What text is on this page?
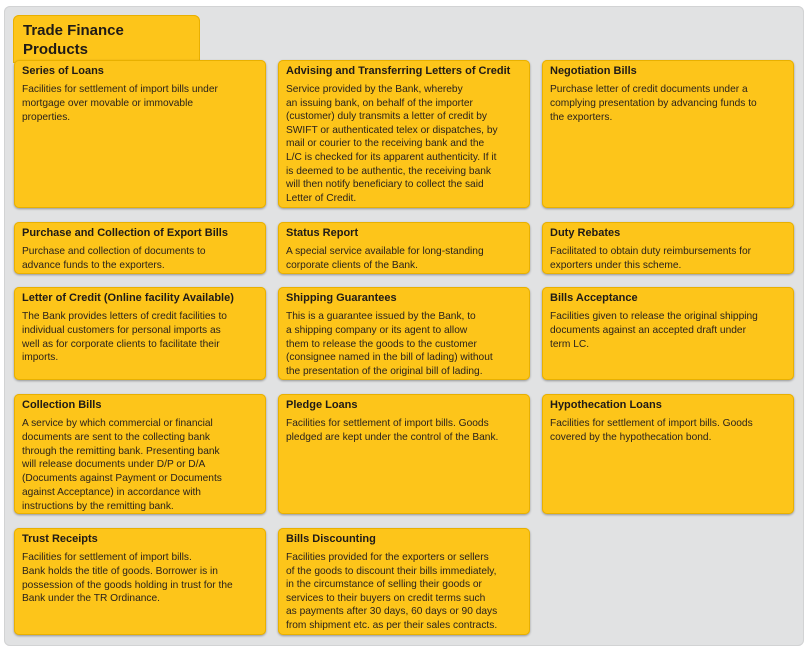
Trade Finance
Products
Series of Loans

Facilities for settlement of import bills under
mortgage over movable or immovable
properties.

Advising and Transferring Letters of Credit

Service provided by the Bank, whereby
an issuing bank, on behalf of the importer
(customer) duly transmits a letter of credit by
SWIFT or authenticated telex or dispatches, by
mail or courier to the receiving bank and the
L/C is checked for its apparent authenticity. If it
is deemed to be authentic, the receiving bank
will then notify beneficiary to collect the said
Letter of Credit.

Negotiation Bills

Purchase letter of credit documents under a
complying presentation by advancing funds to
the exporters.

Purchase and Collection of Export Bills

Purchase and collection of documents to
advance funds to the exporters.

Status Report

A special service available for long-standing
corporate clients of the Bank.

Duty Rebates

Facilitated to obtain duty reimbursements for
exporters under this scheme.

Letter of Credit (Online facility Available)

The Bank provides letters of credit facilities to
individual customers for personal imports as
well as for corporate clients to facilitate their
imports.

Shipping Guarantees

This is a guarantee issued by the Bank, to
a shipping company or its agent to allow
them to release the goods to the customer
(consignee named in the bill of lading) without
the presentation of the original bill of lading.

Bills Acceptance

Facilities given to release the original shipping
documents against an accepted draft under
term LC.

Collection Bills

A service by which commercial or financial
documents are sent to the collecting bank
through the remitting bank. Presenting bank
will release documents under D/P or D/A
(Documents against Payment or Documents
against Acceptance) in accordance with
instructions by the remitting bank.

Pledge Loans

Facilities for settlement of import bills. Goods
pledged are kept under the control of the Bank.

Hypothecation Loans

Facilities for settlement of import bills. Goods
covered by the hypothecation bond.

Trust Receipts

Facilities for settlement of import bills.
Bank holds the title of goods. Borrower is in
possession of the goods holding in trust for the
Bank under the TR Ordinance.

Bills Discounting

Facilities provided for the exporters or sellers
of the goods to discount their bills immediately,
in the circumstance of selling their goods or
services to their buyers on credit terms such
as payments after 30 days, 60 days or 90 days
from shipment etc. as per their sales contracts.
